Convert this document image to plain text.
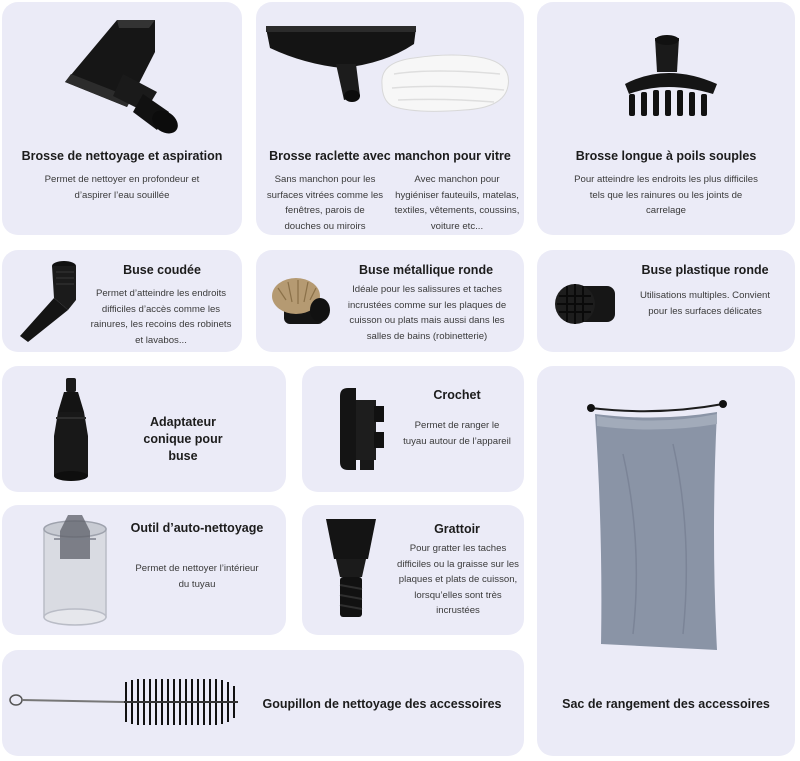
Brosse de nettoyage et aspiration
Permet de nettoyer en profondeur et d’aspirer l’eau souillée
Brosse raclette avec manchon pour vitre
Sans manchon pour les surfaces vitrées comme les fenêtres, parois de douches ou miroirs
Avec manchon pour hygiéniser fauteuils, matelas, textiles, vêtements, coussins, voiture etc...
Brosse longue à poils souples
Pour atteindre les endroits les plus difficiles tels que les rainures ou les joints de carrelage
Buse coudée
Permet d’atteindre les endroits difficiles d’accès comme les rainures, les recoins des robinets et lavabos...
Buse métallique ronde
Idéale pour les salissures et taches incrustées comme sur les plaques de cuisson ou plats mais aussi dans les salles de bains (robinetterie)
Buse plastique ronde
Utilisations multiples. Convient pour les surfaces délicates
Adaptateur conique pour buse
Crochet
Permet de ranger le tuyau autour de l’appareil
Sac de rangement des accessoires
Outil d’auto-nettoyage
Permet de nettoyer l’intérieur du tuyau
Grattoir
Pour gratter les taches difficiles ou la graisse sur les plaques et plats de cuisson, lorsqu’elles sont très incrustées
Goupillon de nettoyage des accessoires
